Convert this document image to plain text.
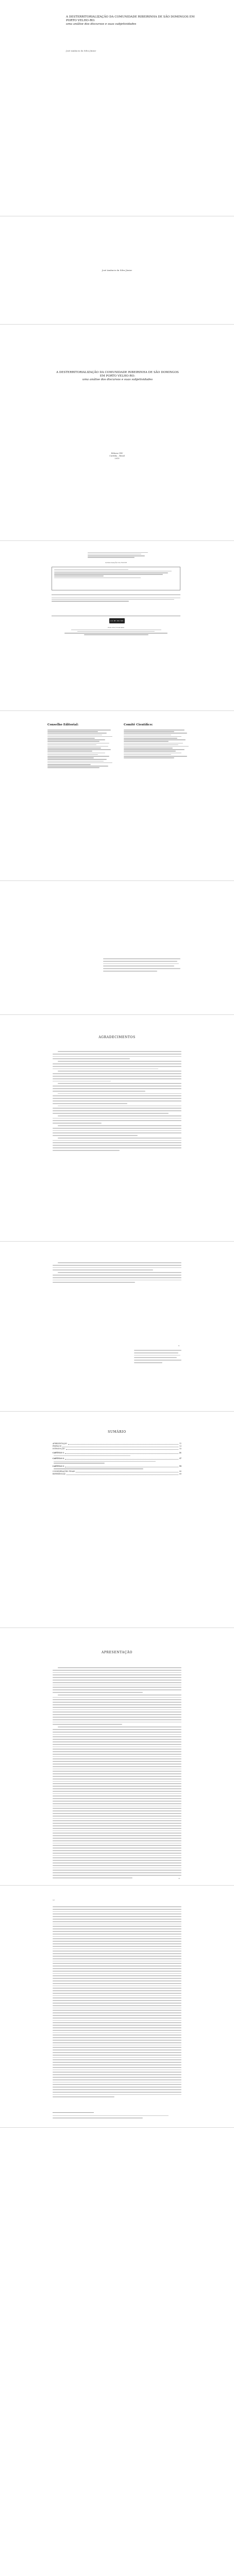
A DESTERRITORIALIZAÇÃO DA COMUNIDADE RIBEIRINHA DE SÃO DOMINGOS EM PORTO VELHO-RO:
uma análise dos discursos e suas subjetividades
José Amâncio da Silva Júnior
José Amâncio da Silva Júnior
A DESTERRITORIALIZAÇÃO DA COMUNIDADE RIBEIRINHA DE SÃO DOMINGOS EM PORTO VELHO-RO:
uma análise dos discursos e suas subjetividades
Editora CRV
Curitiba – Brasil
2019
CATALOGAÇÃO NA FONTE
CC BY NC ND
Esta obra é licenciada
Conselho Editorial:	Comitê Científico:
AGRADECIMENTOS
9
SUMÁRIO
APRESENTAÇÃO	11
PREFÁCIO	13
INTRODUÇÃO	15
CAPÍTULO 1	21
CAPÍTULO 2	37
CAPÍTULO 3	55
CONSIDERAÇÕES FINAIS	85
REFERÊNCIAS	89
APRESENTAÇÃO
11
12
